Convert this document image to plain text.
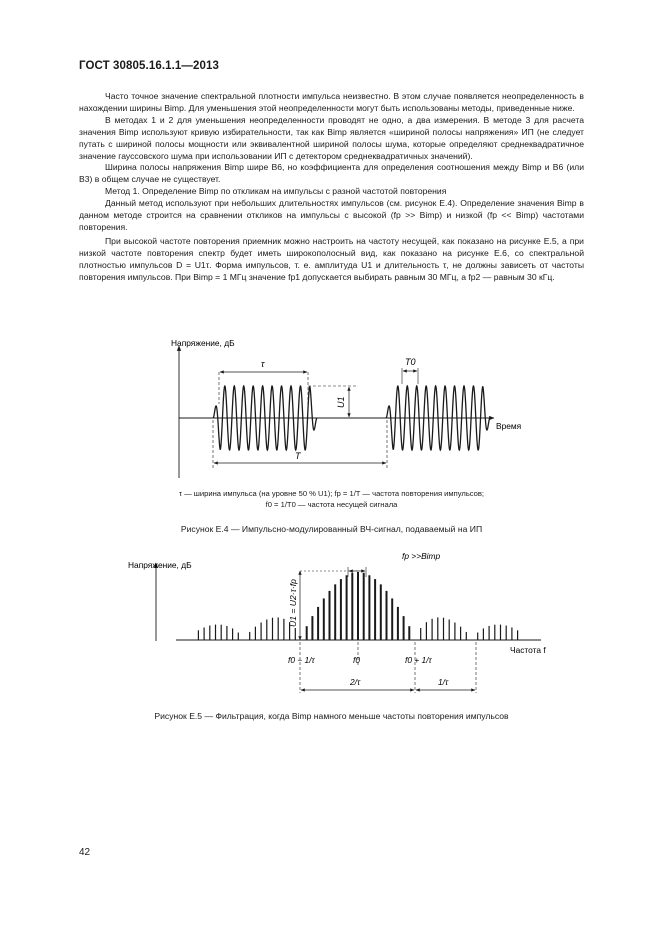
ГОСТ 30805.16.1.1—2013

Часто точное значение спектральной плотности импульса неизвестно. В этом случае появляется неопределенность в нахождении ширины Bimp. Для уменьшения этой неопределенности могут быть использованы методы, приведенные ниже.

В методах 1 и 2 для уменьшения неопределенности проводят не одно, а два измерения. В методе 3 для расчета значения Bimp используют кривую избирательности, так как Bimp является «шириной полосы напряжения» ИП (не следует путать с шириной полосы мощности или эквивалентной шириной полосы шума, которые определяют среднеквадратичное значение гауссовского шума при использовании ИП с детектором среднеквадратичных значений).

Ширина полосы напряжения Bimp шире B6, но коэффициента для определения соотношения между Bimp и B6 (или B3) в общем случае не существует.

Метод 1. Определение Bimp по откликам на импульсы с разной частотой повторения

Данный метод используют при небольших длительностях импульсов (см. рисунок Е.4). Определение значения Bimp в данном методе строится на сравнении откликов на импульсы с высокой (fp >> Bimp) и низкой (fp << Bimp) частотами повторения.

При высокой частоте повторения приемник можно настроить на частоту несущей, как показано на рисунке Е.5, а при низкой частоте повторения спектр будет иметь широкополосный вид, как показано на рисунке Е.6, со спектральной плотностью импульсов D = U1τ. Форма импульсов, т. е. амплитуда U1 и длительность τ, не должны зависеть от частоты повторения импульсов. При Bimp = 1 МГц значение fp1 допускается выбирать равным 30 МГц, а fp2 — равным 30 кГц.

Напряжение, дБ
Время
τ
U1
T0
T
τ — ширина импульса (на уровне 50 % U1); fp = 1/T — частота повторения импульсов;
f0 = 1/T0 — частота несущей сигнала
Рисунок Е.4 — Импульсно-модулированный ВЧ-сигнал, подаваемый на ИП
Напряжение, дБ
Частота f
fp >>Bimp
U1 = U2·τ·fp
f0 − 1/τ	f0	f0 + 1/τ
2/τ	1/τ
Рисунок Е.5 — Фильтрация, когда Bimp намного меньше частоты повторения импульсов
42
